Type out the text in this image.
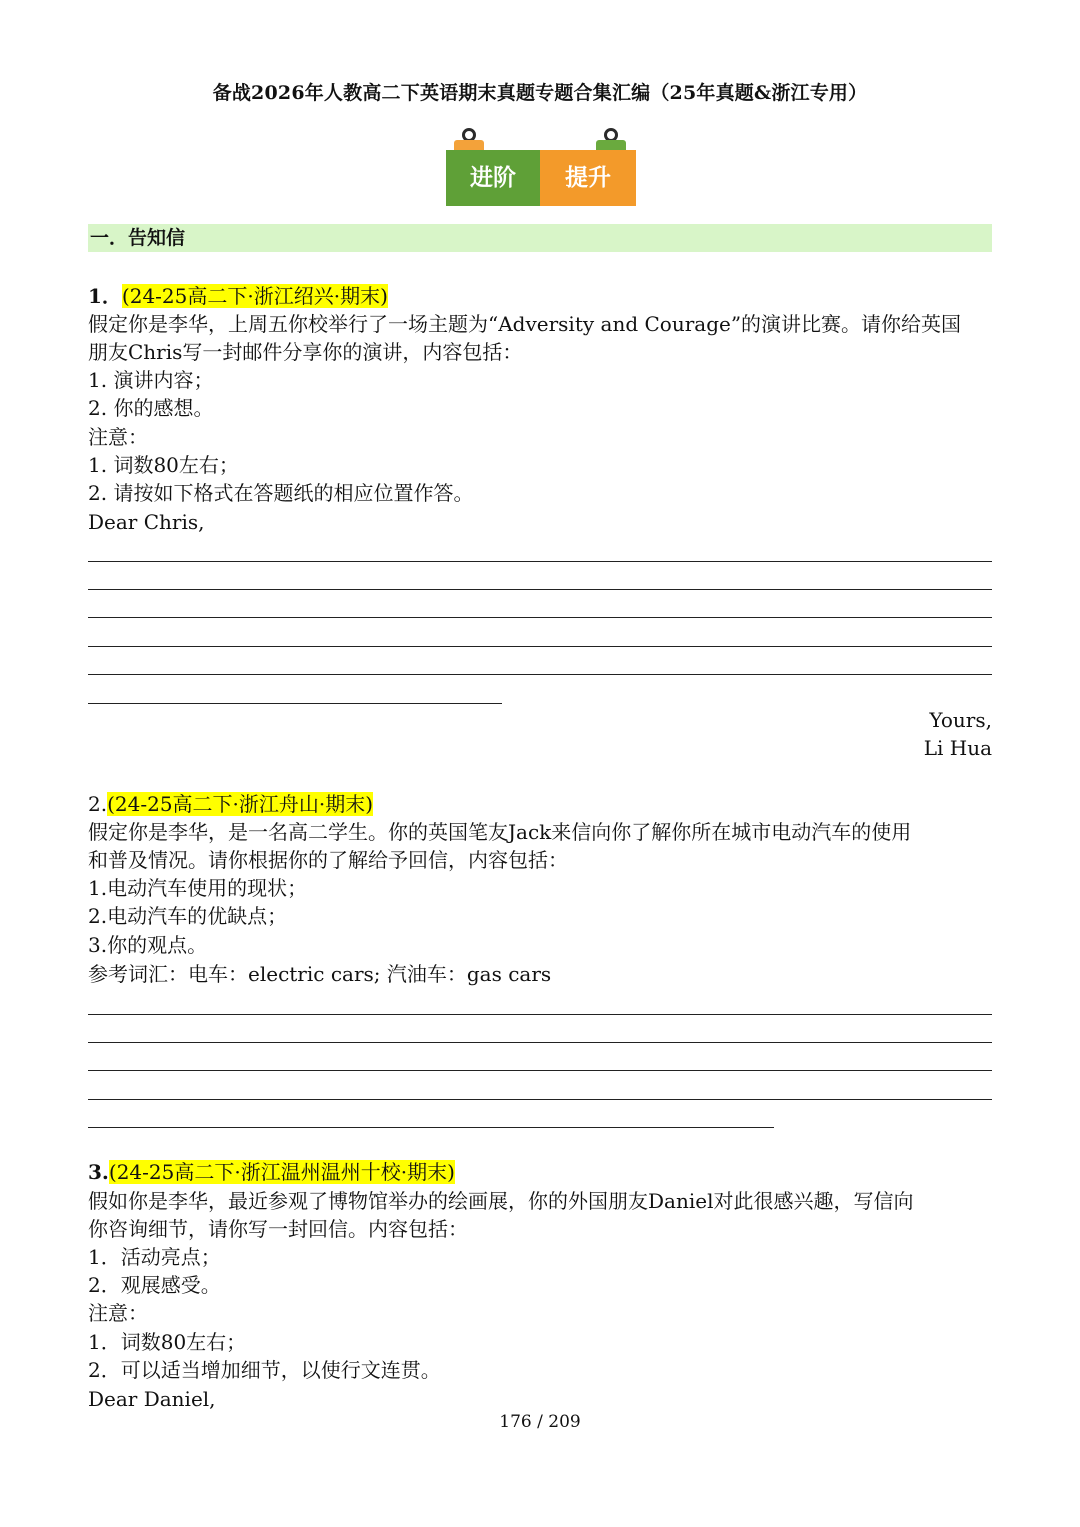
备战2026年人教高二下英语期末真题专题合集汇编（25年真题&浙江专用）
进阶	提升
一．告知信
1．(24-25高二下·浙江绍兴·期末)
假定你是李华，上周五你校举行了一场主题为“Adversity and Courage”的演讲比赛。请你给英国
朋友Chris写一封邮件分享你的演讲，内容包括：
1. 演讲内容；
2. 你的感想。
注意：
1. 词数80左右；
2. 请按如下格式在答题纸的相应位置作答。
Dear Chris,
Yours,
Li Hua
2.(24-25高二下·浙江舟山·期末)
假定你是李华，是一名高二学生。你的英国笔友Jack来信向你了解你所在城市电动汽车的使用
和普及情况。请你根据你的了解给予回信，内容包括：
1.电动汽车使用的现状；
2.电动汽车的优缺点；
3.你的观点。
参考词汇：电车：electric cars; 汽油车：gas cars
3.(24-25高二下·浙江温州温州十校·期末)
假如你是李华，最近参观了博物馆举办的绘画展，你的外国朋友Daniel对此很感兴趣，写信向
你咨询细节，请你写一封回信。内容包括：
1．活动亮点；
2．观展感受。
注意：
1．词数80左右；
2．可以适当增加细节，以使行文连贯。
Dear Daniel,
176 / 209
